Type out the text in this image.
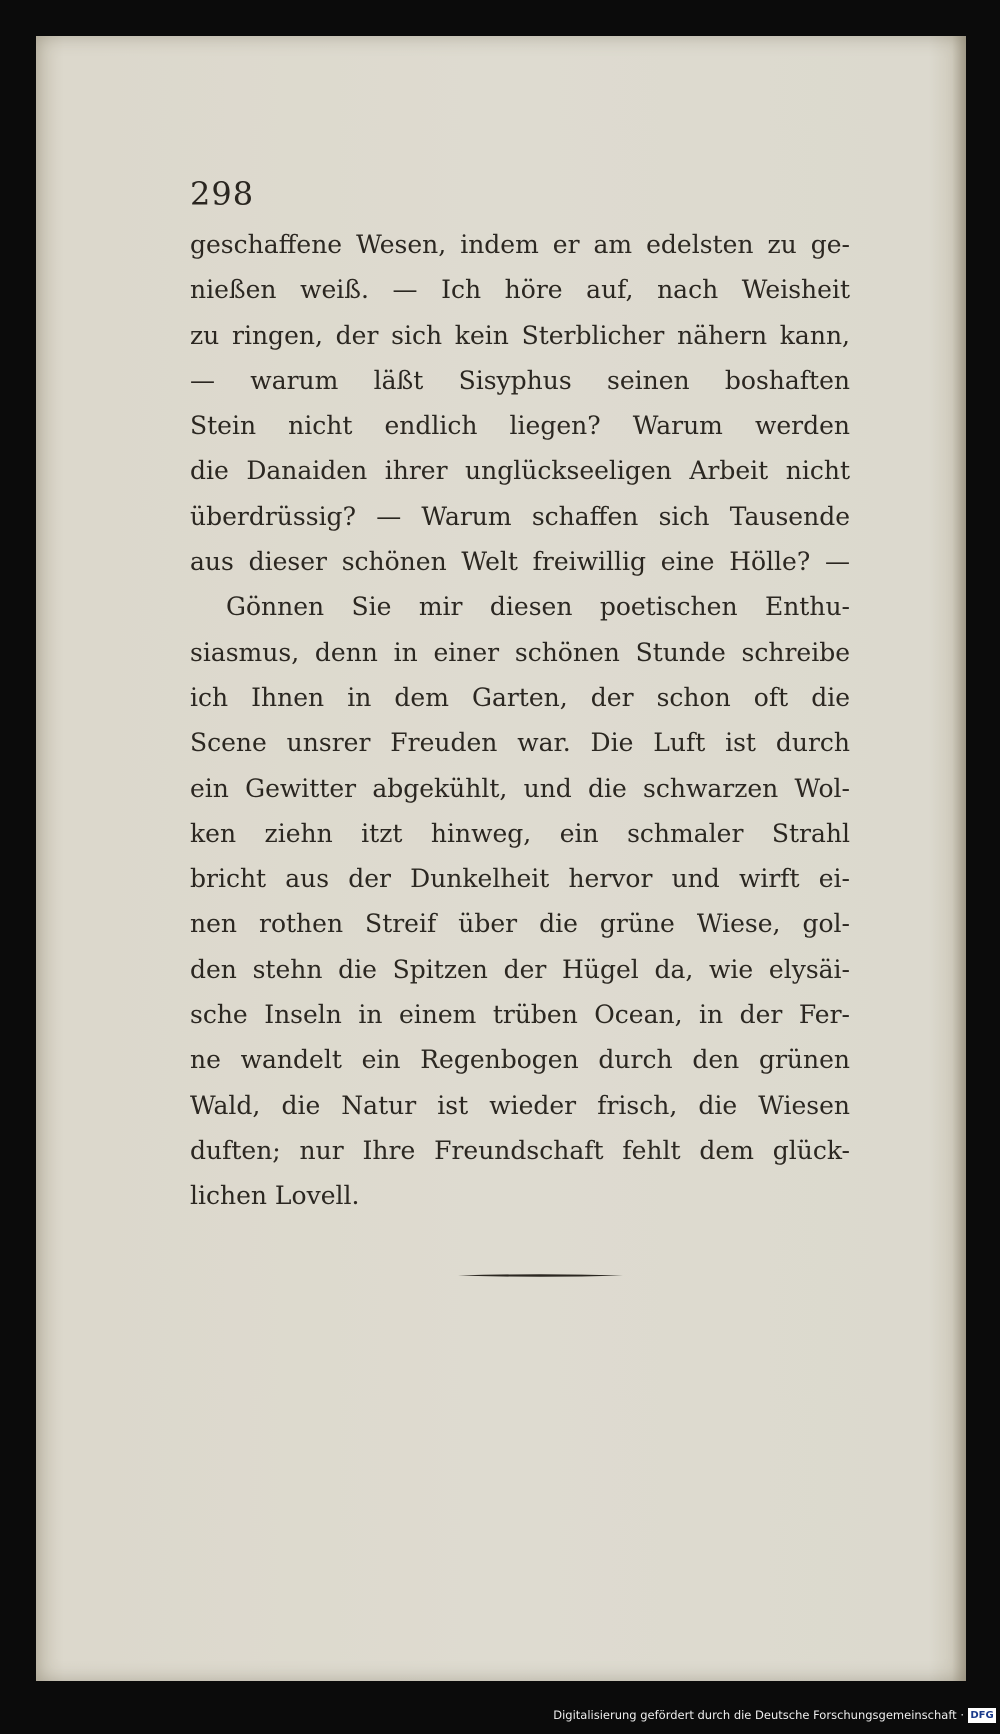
298
geschaffene Wesen, indem er am edelsten zu ge-
nießen weiß. — Ich höre auf, nach Weisheit
zu ringen, der sich kein Sterblicher nähern kann,
— warum läßt Sisyphus seinen boshaften
Stein nicht endlich liegen? Warum werden
die Danaiden ihrer unglückseeligen Arbeit nicht
überdrüssig? — Warum schaffen sich Tausende
aus dieser schönen Welt freiwillig eine Hölle? —
Gönnen Sie mir diesen poetischen Enthu-
siasmus, denn in einer schönen Stunde schreibe
ich Ihnen in dem Garten, der schon oft die
Scene unsrer Freuden war. Die Luft ist durch
ein Gewitter abgekühlt, und die schwarzen Wol-
ken ziehn itzt hinweg, ein schmaler Strahl
bricht aus der Dunkelheit hervor und wirft ei-
nen rothen Streif über die grüne Wiese, gol-
den stehn die Spitzen der Hügel da, wie elysäi-
sche Inseln in einem trüben Ocean, in der Fer-
ne wandelt ein Regenbogen durch den grünen
Wald, die Natur ist wieder frisch, die Wiesen
duften; nur Ihre Freundschaft fehlt dem glück-
lichen Lovell.
Digitalisierung gefördert durch die Deutsche Forschungsgemeinschaft · DFG
